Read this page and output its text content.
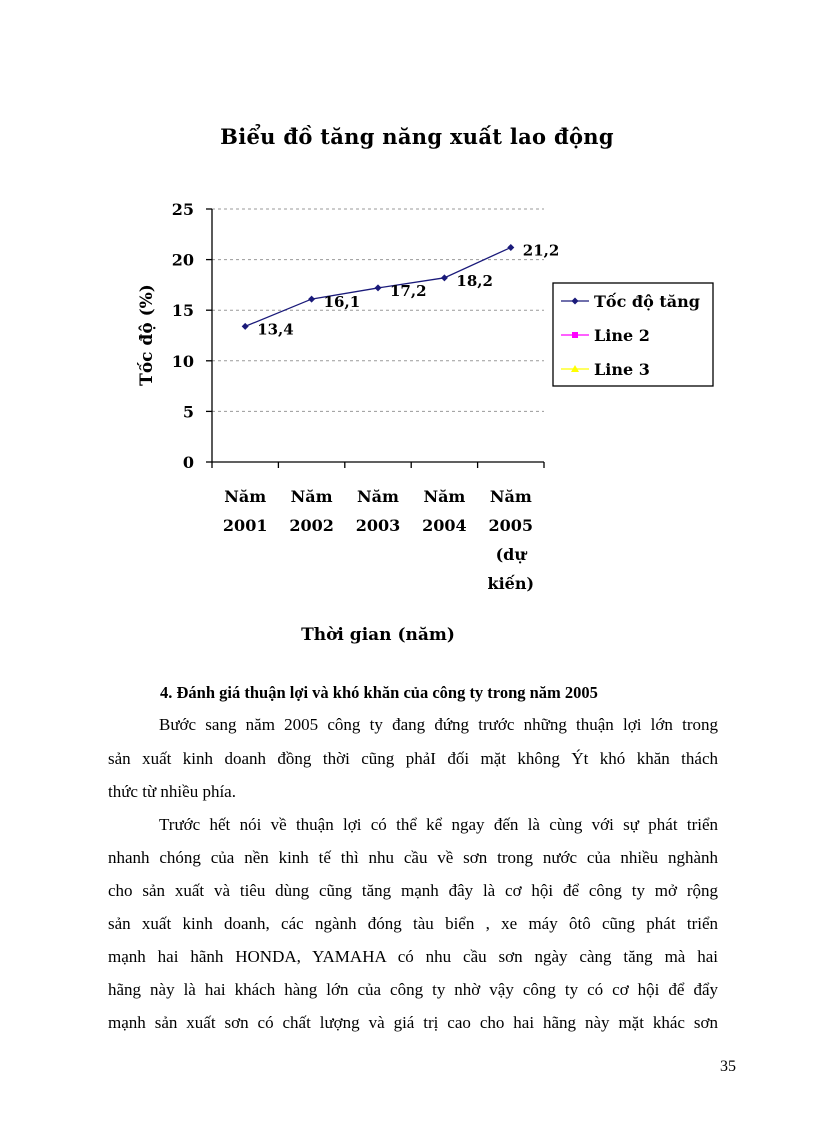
Biểu đồ tăng năng xuất lao động
0
5
10
15
20
25
Năm 2001
Năm 2002
Năm 2003
Năm 2004
Năm 2005 (dự kiến)
13,4
16,1
17,2
18,2
21,2
Tốc độ tăng
Line 2
Line 3
Tốc độ (%)
Thời gian (năm)
4. Đánh giá thuận lợi và khó khăn của công ty trong năm 2005
Bước sang năm 2005 công ty đang đứng trước những thuận lợi lớn trong
sản xuất kinh doanh đồng thời cũng phảI đối mặt không Ýt khó khăn thách
thức từ nhiều phía.
Trước hết nói về thuận lợi có thể kể ngay đến là cùng với sự phát triển
nhanh chóng của nền kinh tế thì nhu cầu về sơn trong nước của nhiều nghành
cho sản xuất và tiêu dùng cũng tăng mạnh đây là cơ hội để công ty mở rộng
sản xuất kinh doanh, các ngành đóng tàu biển , xe máy ôtô cũng phát triển
mạnh hai hãnh HONDA, YAMAHA có nhu cầu sơn ngày càng tăng mà hai
hãng này là hai khách hàng lớn của công ty nhờ vậy công ty có cơ hội để đẩy
mạnh sản xuất sơn có chất lượng và giá trị cao cho hai hãng này mặt khác sơn
35
